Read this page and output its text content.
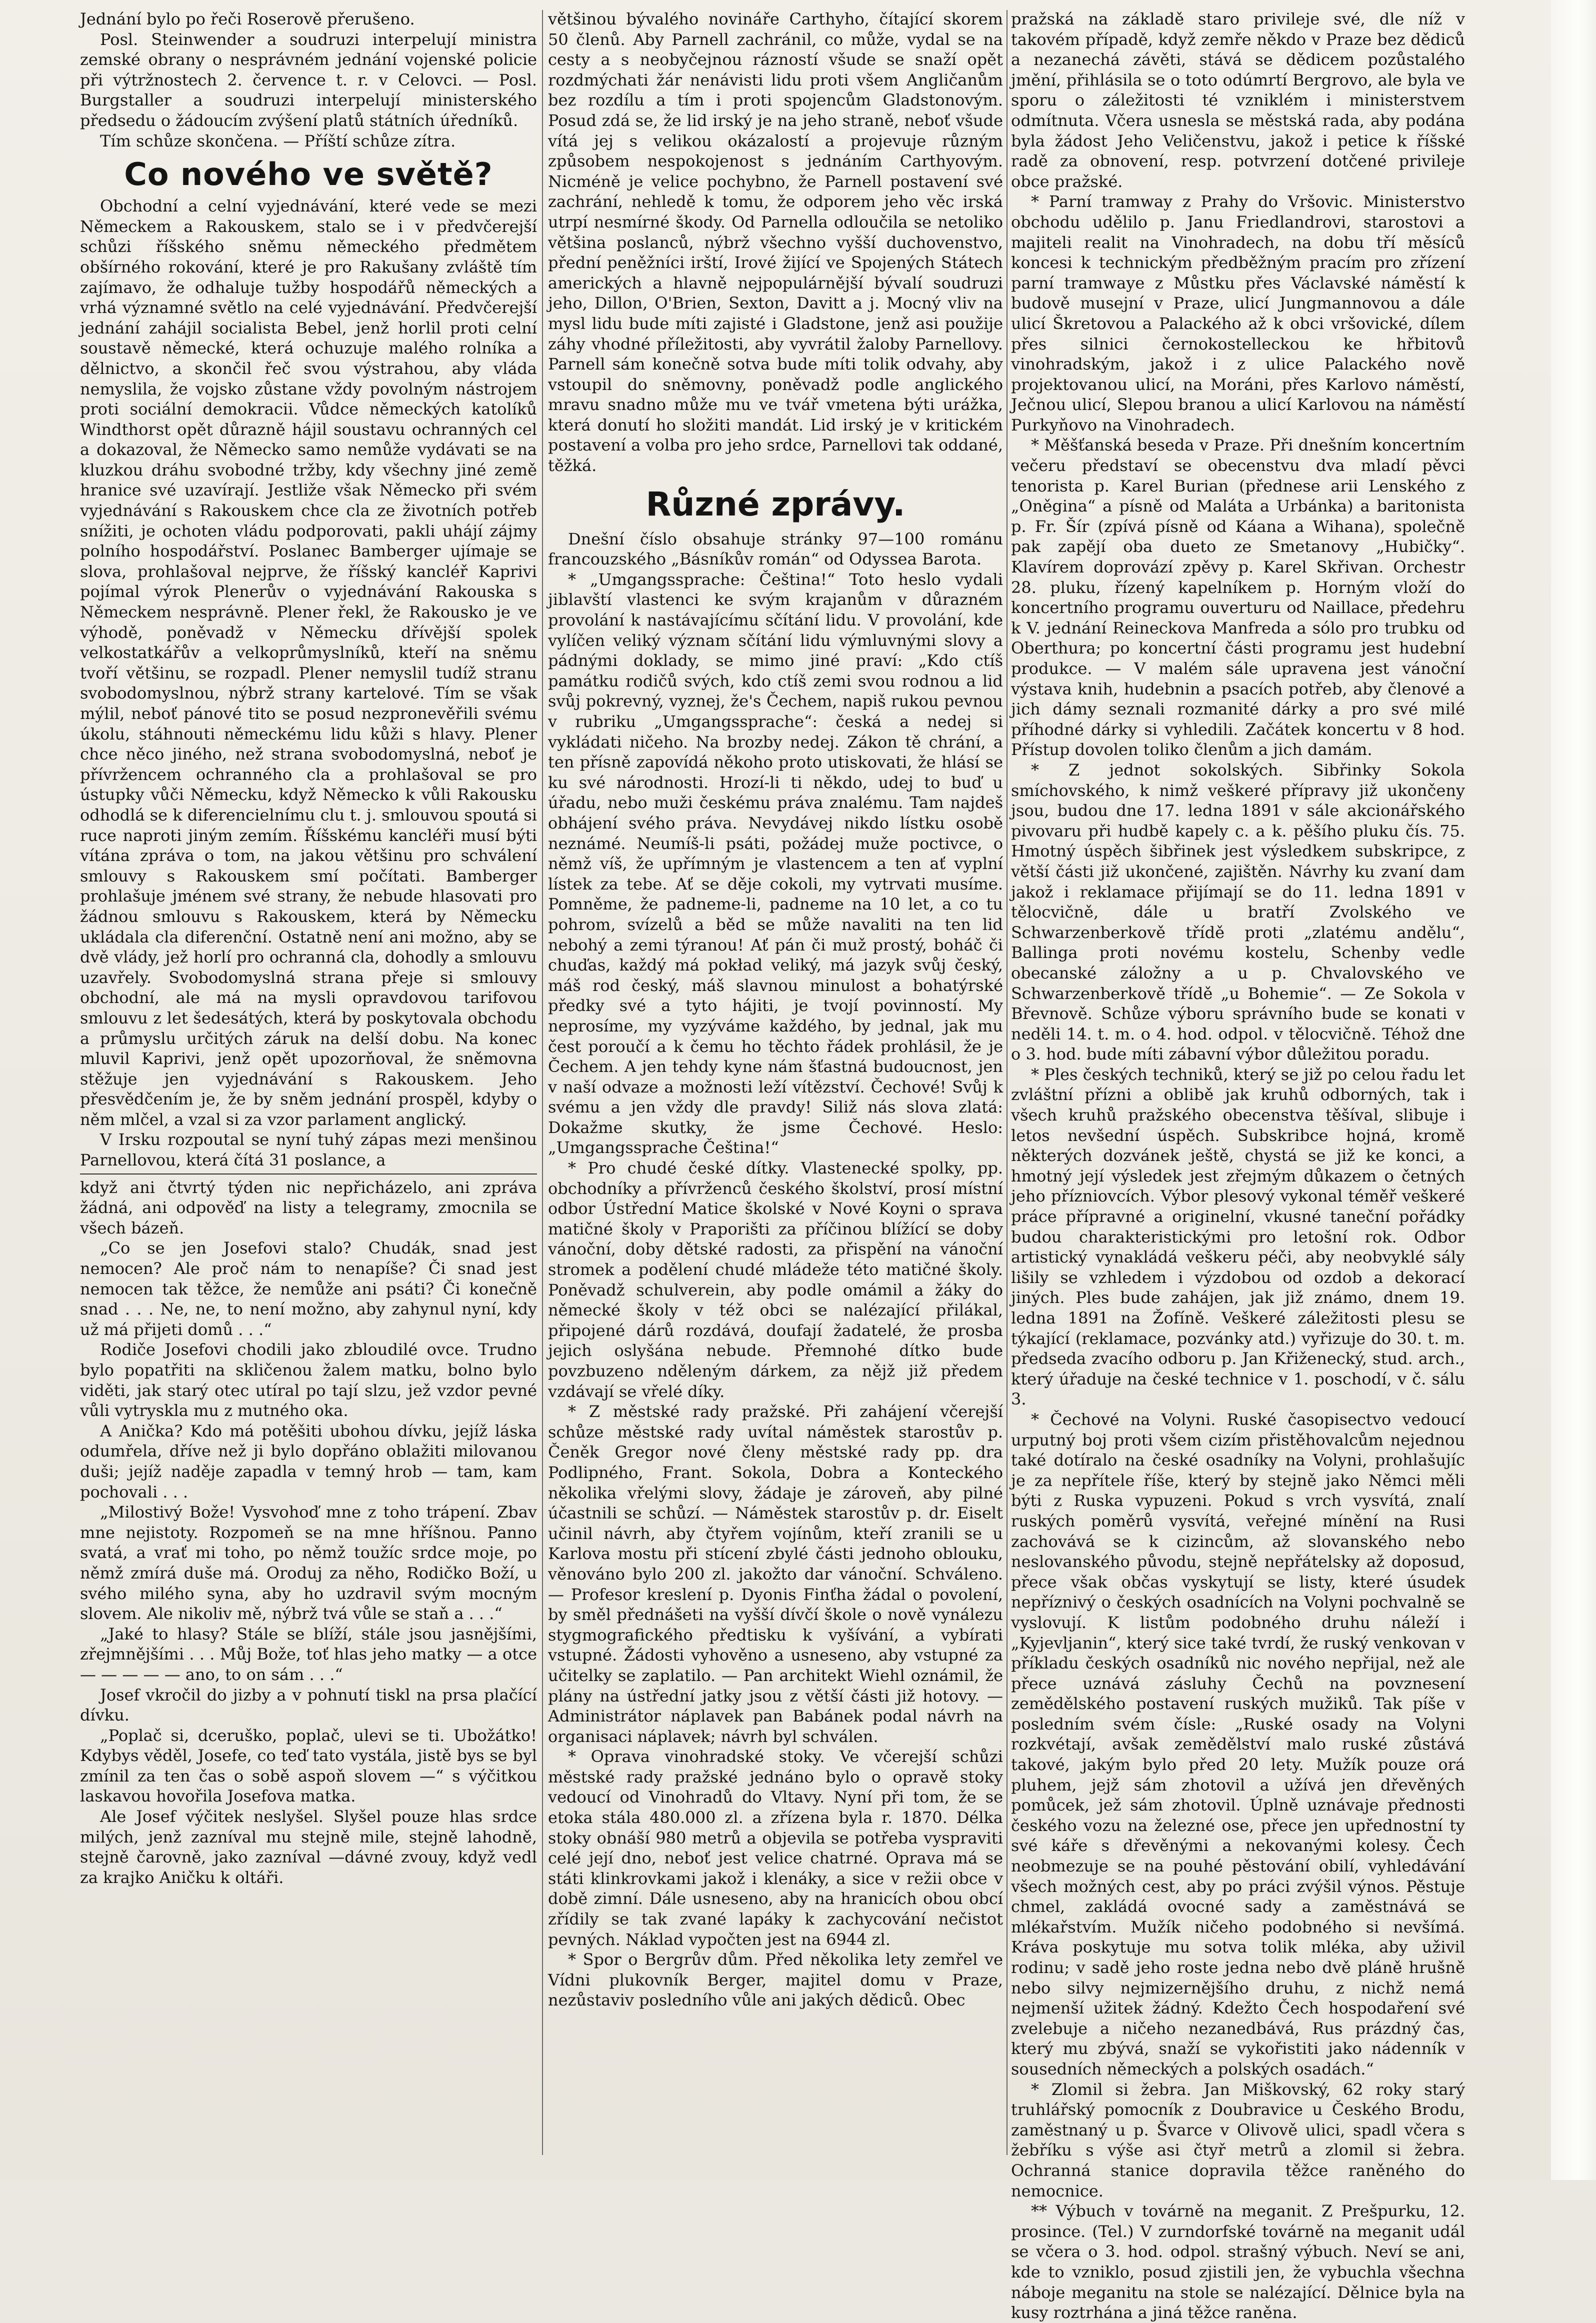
Jednání bylo po řeči Roserově přerušeno.

Posl. Steinwender a soudruzi interpelují ministra zemské obrany o nesprávném jednání vojenské policie při výtržnostech 2. července t. r. v Celovci. — Posl. Burgstaller a soudruzi interpelují ministerského předsedu o žádoucím zvýšení platů státních úředníků.

Tím schůze skončena. — Příští schůze zítra.

Co nového ve světě?

Obchodní a celní vyjednávání, které vede se mezi Německem a Rakouskem, stalo se i v předvčerejší schůzi říšského sněmu německého předmětem obšírného rokování, které je pro Rakušany zvláště tím zajímavo, že odhaluje tužby hospodářů německých a vrhá významné světlo na celé vyjednávání. Předvčerejší jednání zahájil socialista Bebel, jenž horlil proti celní soustavě německé, která ochuzuje malého rolníka a dělnictvo, a skončil řeč svou výstrahou, aby vláda nemyslila, že vojsko zůstane vždy povolným nástrojem proti sociální demokracii. Vůdce německých katolíků Windthorst opět důrazně hájil soustavu ochranných cel a dokazoval, že Německo samo nemůže vydávati se na kluzkou dráhu svobodné tržby, kdy všechny jiné země hranice své uzavírají. Jestliže však Německo při svém vyjednávání s Rakouskem chce cla ze životních potřeb snížiti, je ochoten vládu podporovati, pakli uhájí zájmy polního hospodářství. Poslanec Bamberger ujímaje se slova, prohlašoval nejprve, že říšský kancléř Kaprivi pojímal výrok Plenerův o vyjednávání Rakouska s Německem nesprávně. Plener řekl, že Rakousko je ve výhodě, poněvadž v Německu dřívější spolek velkostatkářův a velkoprůmyslníků, kteří na sněmu tvoří většinu, se rozpadl. Plener nemyslil tudíž stranu svobodomyslnou, nýbrž strany kartelové. Tím se však mýlil, neboť pánové tito se posud nezpronevěřili svému úkolu, stáhnouti německému lidu kůži s hlavy. Plener chce něco jiného, než strana svobodomyslná, neboť je přívržencem ochranného cla a prohlašoval se pro ústupky vůči Německu, když Německo k vůli Rakousku odhodlá se k diferencielnímu clu t. j. smlouvou spoutá si ruce naproti jiným zemím. Říšskému kancléři musí býti vítána zpráva o tom, na jakou většinu pro schválení smlouvy s Rakouskem smí počítati. Bamberger prohlašuje jménem své strany, že nebude hlasovati pro žádnou smlouvu s Rakouskem, která by Německu ukládala cla diferenční. Ostatně není ani možno, aby se dvě vlády, jež horlí pro ochranná cla, dohodly a smlouvu uzavřely. Svobodomyslná strana přeje si smlouvy obchodní, ale má na mysli opravdovou tarifovou smlouvu z let šedesátých, která by poskytovala obchodu a průmyslu určitých záruk na delší dobu. Na konec mluvil Kaprivi, jenž opět upozorňoval, že sněmovna stěžuje jen vyjednávání s Rakouskem. Jeho přesvědčením je, že by sněm jednání prospěl, kdyby o něm mlčel, a vzal si za vzor parlament anglický.

V Irsku rozpoutal se nyní tuhý zápas mezi menšinou Parnellovou, která čítá 31 poslance, a

když ani čtvrtý týden nic nepřicházelo, ani zpráva žádná, ani odpověď na listy a telegramy, zmocnila se všech bázeň.

„Co se jen Josefovi stalo? Chudák, snad jest nemocen? Ale proč nám to nenapíše? Či snad jest nemocen tak těžce, že nemůže ani psáti? Či konečně snad . . . Ne, ne, to není možno, aby zahynul nyní, kdy už má přijeti domů . . .“

Rodiče Josefovi chodili jako zbloudilé ovce. Trudno bylo popatřiti na skličenou žalem matku, bolno bylo viděti, jak starý otec utíral po tají slzu, jež vzdor pevné vůli vytryskla mu z mutného oka.

A Anička? Kdo má potěšiti ubohou dívku, jejíž láska odumřela, dříve než ji bylo dopřáno oblažiti milovanou duši; jejíž naděje zapadla v temný hrob — tam, kam pochovali . . .

„Milostivý Bože! Vysvohoď mne z toho trápení. Zbav mne nejistoty. Rozpomeň se na mne hříšnou. Panno svatá, a vrať mi toho, po němž toužíc srdce moje, po němž zmírá duše má. Oroduj za něho, Rodičko Boží, u svého milého syna, aby ho uzdravil svým mocným slovem. Ale nikoliv mě, nýbrž tvá vůle se staň a . . .“

„Jaké to hlasy? Stále se blíží, stále jsou jasnějšími, zřejmnějšími . . . Můj Bože, toť hlas jeho matky — a otce — — — — — ano, to on sám . . .“

Josef vkročil do jizby a v pohnutí tiskl na prsa plačící dívku.

„Poplač si, dceruško, poplač, ulevi se ti. Ubožátko! Kdybys věděl, Josefe, co teď tato vystála, jistě bys se byl zmínil za ten čas o sobě aspoň slovem —“ s výčitkou laskavou hovořila Josefova matka.

Ale Josef výčitek neslyšel. Slyšel pouze hlas srdce milých, jenž zazníval mu stejně mile, stejně lahodně, stejně čarovně, jako zazníval —dávné zvouy, když vedl za krajko Aničku k oltáři.

většinou bývalého novináře Carthyho, čítající skorem 50 členů. Aby Parnell zachránil, co může, vydal se na cesty a s neobyčejnou rázností všude se snaží opět rozdmýchati žár nenávisti lidu proti všem Angličanům bez rozdílu a tím i proti spojencům Gladstonovým. Posud zdá se, že lid irský je na jeho straně, neboť všude vítá jej s velikou okázalostí a projevuje různým způsobem nespokojenost s jednáním Carthyovým. Nicméně je velice pochybno, že Parnell postavení své zachrání, nehledě k tomu, že odporem jeho věc irská utrpí nesmírné škody. Od Parnella odloučila se netoliko většina poslanců, nýbrž všechno vyšší duchovenstvo, přední peněžníci irští, Irové žijící ve Spojených Státech amerických a hlavně nejpopulárnější bývalí soudruzi jeho, Dillon, O'Brien, Sexton, Davitt a j. Mocný vliv na mysl lidu bude míti zajisté i Gladstone, jenž asi použije záhy vhodné příležitosti, aby vyvrátil žaloby Parnellovy. Parnell sám konečně sotva bude míti tolik odvahy, aby vstoupil do sněmovny, poněvadž podle anglického mravu snadno může mu ve tvář vmetena býti urážka, která donutí ho složiti mandát. Lid irský je v kritickém postavení a volba pro jeho srdce, Parnellovi tak oddané, těžká.

Různé zprávy.

Dnešní číslo obsahuje stránky 97—100 románu francouzského „Básníkův román“ od Odyssea Barota.

* „Umgangssprache: Čeština!“ Toto heslo vydali jiblavští vlastenci ke svým krajanům v důrazném provolání k nastávajícímu sčítání lidu. V provolání, kde vylíčen veliký význam sčítání lidu výmluvnými slovy a pádnými doklady, se mimo jiné praví: „Kdo ctíš památku rodičů svých, kdo ctíš zemi svou rodnou a lid svůj pokrevný, vyznej, že's Čechem, napiš rukou pevnou v rubriku „Umgangssprache“: česká a nedej si vykládati ničeho. Na brozby nedej. Zákon tě chrání, a ten přísně zapovídá někoho proto utiskovati, že hlásí se ku své národnosti. Hrozí-li ti někdo, udej to buď u úřadu, nebo muži českému práva znalému. Tam najdeš obhájení svého práva. Nevydávej nikdo lístku osobě neznámé. Neumíš-li psáti, požádej muže poctivce, o němž víš, že upřímným je vlastencem a ten ať vyplní lístek za tebe. Ať se děje cokoli, my vytrvati musíme. Pomněme, že padneme-li, padneme na 10 let, a co tu pohrom, svízelů a běd se může navaliti na ten lid nebohý a zemi týranou! Ať pán či muž prostý, boháč či chuďas, každý má pokład veliký, má jazyk svůj český, máš rod český, máš slavnou minulost a bohatýrské předky své a tyto hájiti, je tvojí povinností. My neprosíme, my vyzýváme každého, by jednal, jak mu čest poroučí a k čemu ho těchto řádek prohlásil, že je Čechem. A jen tehdy kyne nám šťastná budoucnost, jen v naší odvaze a možnosti leží vítězství. Čechové! Svůj k svému a jen vždy dle pravdy! Siliž nás slova zlatá: Dokažme skutky, že jsme Čechové. Heslo: „Umgangssprache Čeština!“

* Pro chudé české dítky. Vlastenecké spolky, pp. obchodníky a přívrženců českého školství, prosí místní odbor Ústřední Matice školské v Nové Koyni o sprava matičné školy v Praporišti za příčinou blížící se doby vánoční, doby dětské radosti, za přispění na vánoční stromek a podělení chudé mládeže této matičné školy. Poněvadž schulverein, aby podle omámil a žáky do německé školy v též obci se nalézající přilákal, připojené dárů rozdává, doufají žadatelé, že prosba jejich oslyšána nebude. Přemnohé dítko bude povzbuzeno nděleným dárkem, za nějž již předem vzdávají se vřelé díky.

* Z městské rady pražské. Při zahájení včerejší schůze městské rady uvítal náměstek starostův p. Čeněk Gregor nové členy městské rady pp. dra Podlipného, Frant. Sokola, Dobra a Konteckého několika vřelými slovy, žádaje je zároveň, aby pilné účastnili se schůzí. — Náměstek starostův p. dr. Eiselt učinil návrh, aby čtyřem vojínům, kteří zranili se u Karlova mostu při stícení zbylé části jednoho oblouku, věnováno bylo 200 zl. jakožto dar vánoční. Schváleno. — Profesor kreslení p. Dyonis Finťha žádal o povolení, by směl přednášeti na vyšší dívčí škole o nově vynálezu stygmografického předtisku k vyšívání, a vybírati vstupné. Žádosti vyhověno a usneseno, aby vstupné za učitelky se zaplatilo. — Pan architekt Wiehl oznámil, že plány na ústřední jatky jsou z větší části již hotovy. — Administrátor náplavek pan Babánek podal návrh na organisaci náplavek; návrh byl schválen.

* Oprava vinohradské stoky. Ve včerejší schůzi městské rady pražské jednáno bylo o opravě stoky vedoucí od Vinohradů do Vltavy. Nyní při tom, že se etoka stála 480.000 zl. a zřízena byla r. 1870. Délka stoky obnáší 980 metrů a objevila se potřeba vyspraviti celé její dno, neboť jest velice chatrné. Oprava má se státi klinkrovkami jakož i klenáky, a sice v režii obce v době zimní. Dále usneseno, aby na hranicích obou obcí zřídily se tak zvané lapáky k zachycování nečistot pevných. Náklad vypočten jest na 6944 zl.

* Spor o Bergrův dům. Před několika lety zemřel ve Vídni plukovník Berger, majitel domu v Praze, nezůstaviv posledního vůle ani jakých dědiců. Obec

pražská na základě staro privileje své, dle níž v takovém případě, když zemře někdo v Praze bez dědiců a nezanechá závěti, stává se dědicem pozůstalého jmění, přihlásila se o toto odúmrtí Bergrovo, ale byla ve sporu o záležitosti té vzniklém i ministerstvem odmítnuta. Včera usnesla se městská rada, aby podána byla žádost Jeho Veličenstvu, jakož i petice k říšské radě za obnovení, resp. potvrzení dotčené privileje obce pražské.

* Parní tramway z Prahy do Vršovic. Ministerstvo obchodu udělilo p. Janu Friedlandrovi, starostovi a majiteli realit na Vinohradech, na dobu tří měsíců koncesi k technickým předběžným pracím pro zřízení parní tramwaye z Můstku přes Václavské náměstí k budově musejní v Praze, ulicí Jungmannovou a dále ulicí Škretovou a Palackého až k obci vršovické, dílem přes silnici černokostelleckou ke hřbitovů vinohradským, jakož i z ulice Palackého nově projektovanou ulicí, na Moráni, přes Karlovo náměstí, Ječnou ulicí, Slepou branou a ulicí Karlovou na náměstí Purkyňovo na Vinohradech.

* Měšťanská beseda v Praze. Při dnešním koncertním večeru představí se obecenstvu dva mladí pěvci tenorista p. Karel Burian (přednese arii Lenského z „Oněgina“ a písně od Maláta a Urbánka) a baritonista p. Fr. Šír (zpívá písně od Káana a Wihana), společně pak zapějí oba dueto ze Smetanovy „Hubičky“. Klavírem doprovází zpěvy p. Karel Skřivan. Orchestr 28. pluku, řízený kapelníkem p. Horným vloží do koncertního programu ouverturu od Naillace, předehru k V. jednání Reineckova Manfreda a sólo pro trubku od Oberthura; po koncertní části programu jest hudební produkce. — V malém sále upravena jest vánoční výstava knih, hudebnin a psacích potřeb, aby členové a jich dámy seznali rozmanité dárky a pro své milé příhodné dárky si vyhledili. Začátek koncertu v 8 hod. Přístup dovolen toliko členům a jich damám.

* Z jednot sokolských. Sibřinky Sokola smíchovského, k nimž veškeré přípravy již ukončeny jsou, budou dne 17. ledna 1891 v sále akcionářského pivovaru při hudbě kapely c. a k. pěšího pluku čís. 75. Hmotný úspěch šibřinek jest výsledkem subskripce, z větší části již ukončené, zajištěn. Návrhy ku zvaní dam jakož i reklamace přijímají se do 11. ledna 1891 v tělocvičně, dále u bratří Zvolského ve Schwarzenberkově třídě proti „zlatému andělu“, Ballinga proti novému kostelu, Schenby vedle obecanské záložny a u p. Chvalovského ve Schwarzenberkově třídě „u Bohemie“. — Ze Sokola v Břevnově. Schůze výboru správního bude se konati v neděli 14. t. m. o 4. hod. odpol. v tělocvičně. Téhož dne o 3. hod. bude míti zábavní výbor důležitou poradu.

* Ples českých techniků, který se již po celou řadu let zvláštní přízni a oblibě jak kruhů odborných, tak i všech kruhů pražského obecenstva těšíval, slibuje i letos nevšední úspěch. Subskribce hojná, kromě některých dozvánek ještě, chystá se již ke konci, a hmotný její výsledek jest zřejmým důkazem o četných jeho přízniovcích. Výbor plesový vykonal téměř veškeré práce přípravné a originelní, vkusné taneční pořádky budou charakteristickými pro letošní rok. Odbor artistický vynakládá veškeru péči, aby neobvyklé sály lišily se vzhledem i výzdobou od ozdob a dekorací jiných. Ples bude zahájen, jak již známo, dnem 19. ledna 1891 na Žofíně. Veškeré záležitosti plesu se týkající (reklamace, pozvánky atd.) vyřizuje do 30. t. m. předseda zvacího odboru p. Jan Křiženecký, stud. arch., který úřaduje na české technice v 1. poschodí, v č. sálu 3.

* Čechové na Volyni. Ruské časopisectvo vedoucí urputný boj proti všem cizím přistěhovalcům nejednou také dotíralo na české osadníky na Volyni, prohlašujíc je za nepřítele říše, který by stejně jako Němci měli býti z Ruska vypuzeni. Pokud s vrch vysvítá, znalí ruských poměrů vysvítá, veřejné mínění na Rusi zachovává se k cizincům, až slovanského nebo neslovanského původu, stejně nepřátelsky až doposud, přece však občas vyskytují se listy, které úsudek nepříznivý o českých osadnících na Volyni pochvalně se vyslovují. K listům podobného druhu náleží i „Kyjevljanin“, který sice také tvrdí, že ruský venkovan v příkladu českých osadníků nic nového nepřijal, než ale přece uznává zásluhy Čechů na povznesení zemědělského postavení ruských mužiků. Tak píše v posledním svém čísle: „Ruské osady na Volyni rozkvétají, avšak zemědělství malo ruské zůstává takové, jakým bylo před 20 lety. Mužík pouze orá pluhem, jejž sám zhotovil a užívá jen dřevěných pomůcek, jež sám zhotovil. Úplně uznávaje přednosti českého vozu na železné ose, přece jen upřednostní ty své káře s dřevěnými a nekovanými kolesy. Čech neobmezuje se na pouhé pěstování obilí, vyhledávání všech možných cest, aby po práci zvýšil výnos. Pěstuje chmel, zakládá ovocné sady a zaměstnává se mlékařstvím. Mužík ničeho podobného si nevšímá. Kráva poskytuje mu sotva tolik mléka, aby uživil rodinu; v sadě jeho roste jedna nebo dvě pláně hrušně nebo silvy nejmizernějšího druhu, z nichž nemá nejmenší užitek žádný. Kdežto Čech hospodaření své zvelebuje a ničeho nezanedbává, Rus prázdný čas, který mu zbývá, snaží se vykořistiti jako nádenník v sousedních německých a polských osadách.“

* Zlomil si žebra. Jan Miškovský, 62 roky starý truhlářský pomocník z Doubravice u Českého Brodu, zaměstnaný u p. Švarce v Olivově ulici, spadl včera s žebříku s výše asi čtyř metrů a zlomil si žebra. Ochranná stanice dopravila těžce raněného do nemocnice.

** Výbuch v továrně na meganit. Z Prešpurku, 12. prosince. (Tel.) V zurndorfské továrně na meganit udál se včera o 3. hod. odpol. strašný výbuch. Neví se ani, kde to vzniklo, posud zjistili jen, že vybuchla všechna náboje meganitu na stole se nalézající. Dělnice byla na kusy roztrhána a jiná těžce raněna.
